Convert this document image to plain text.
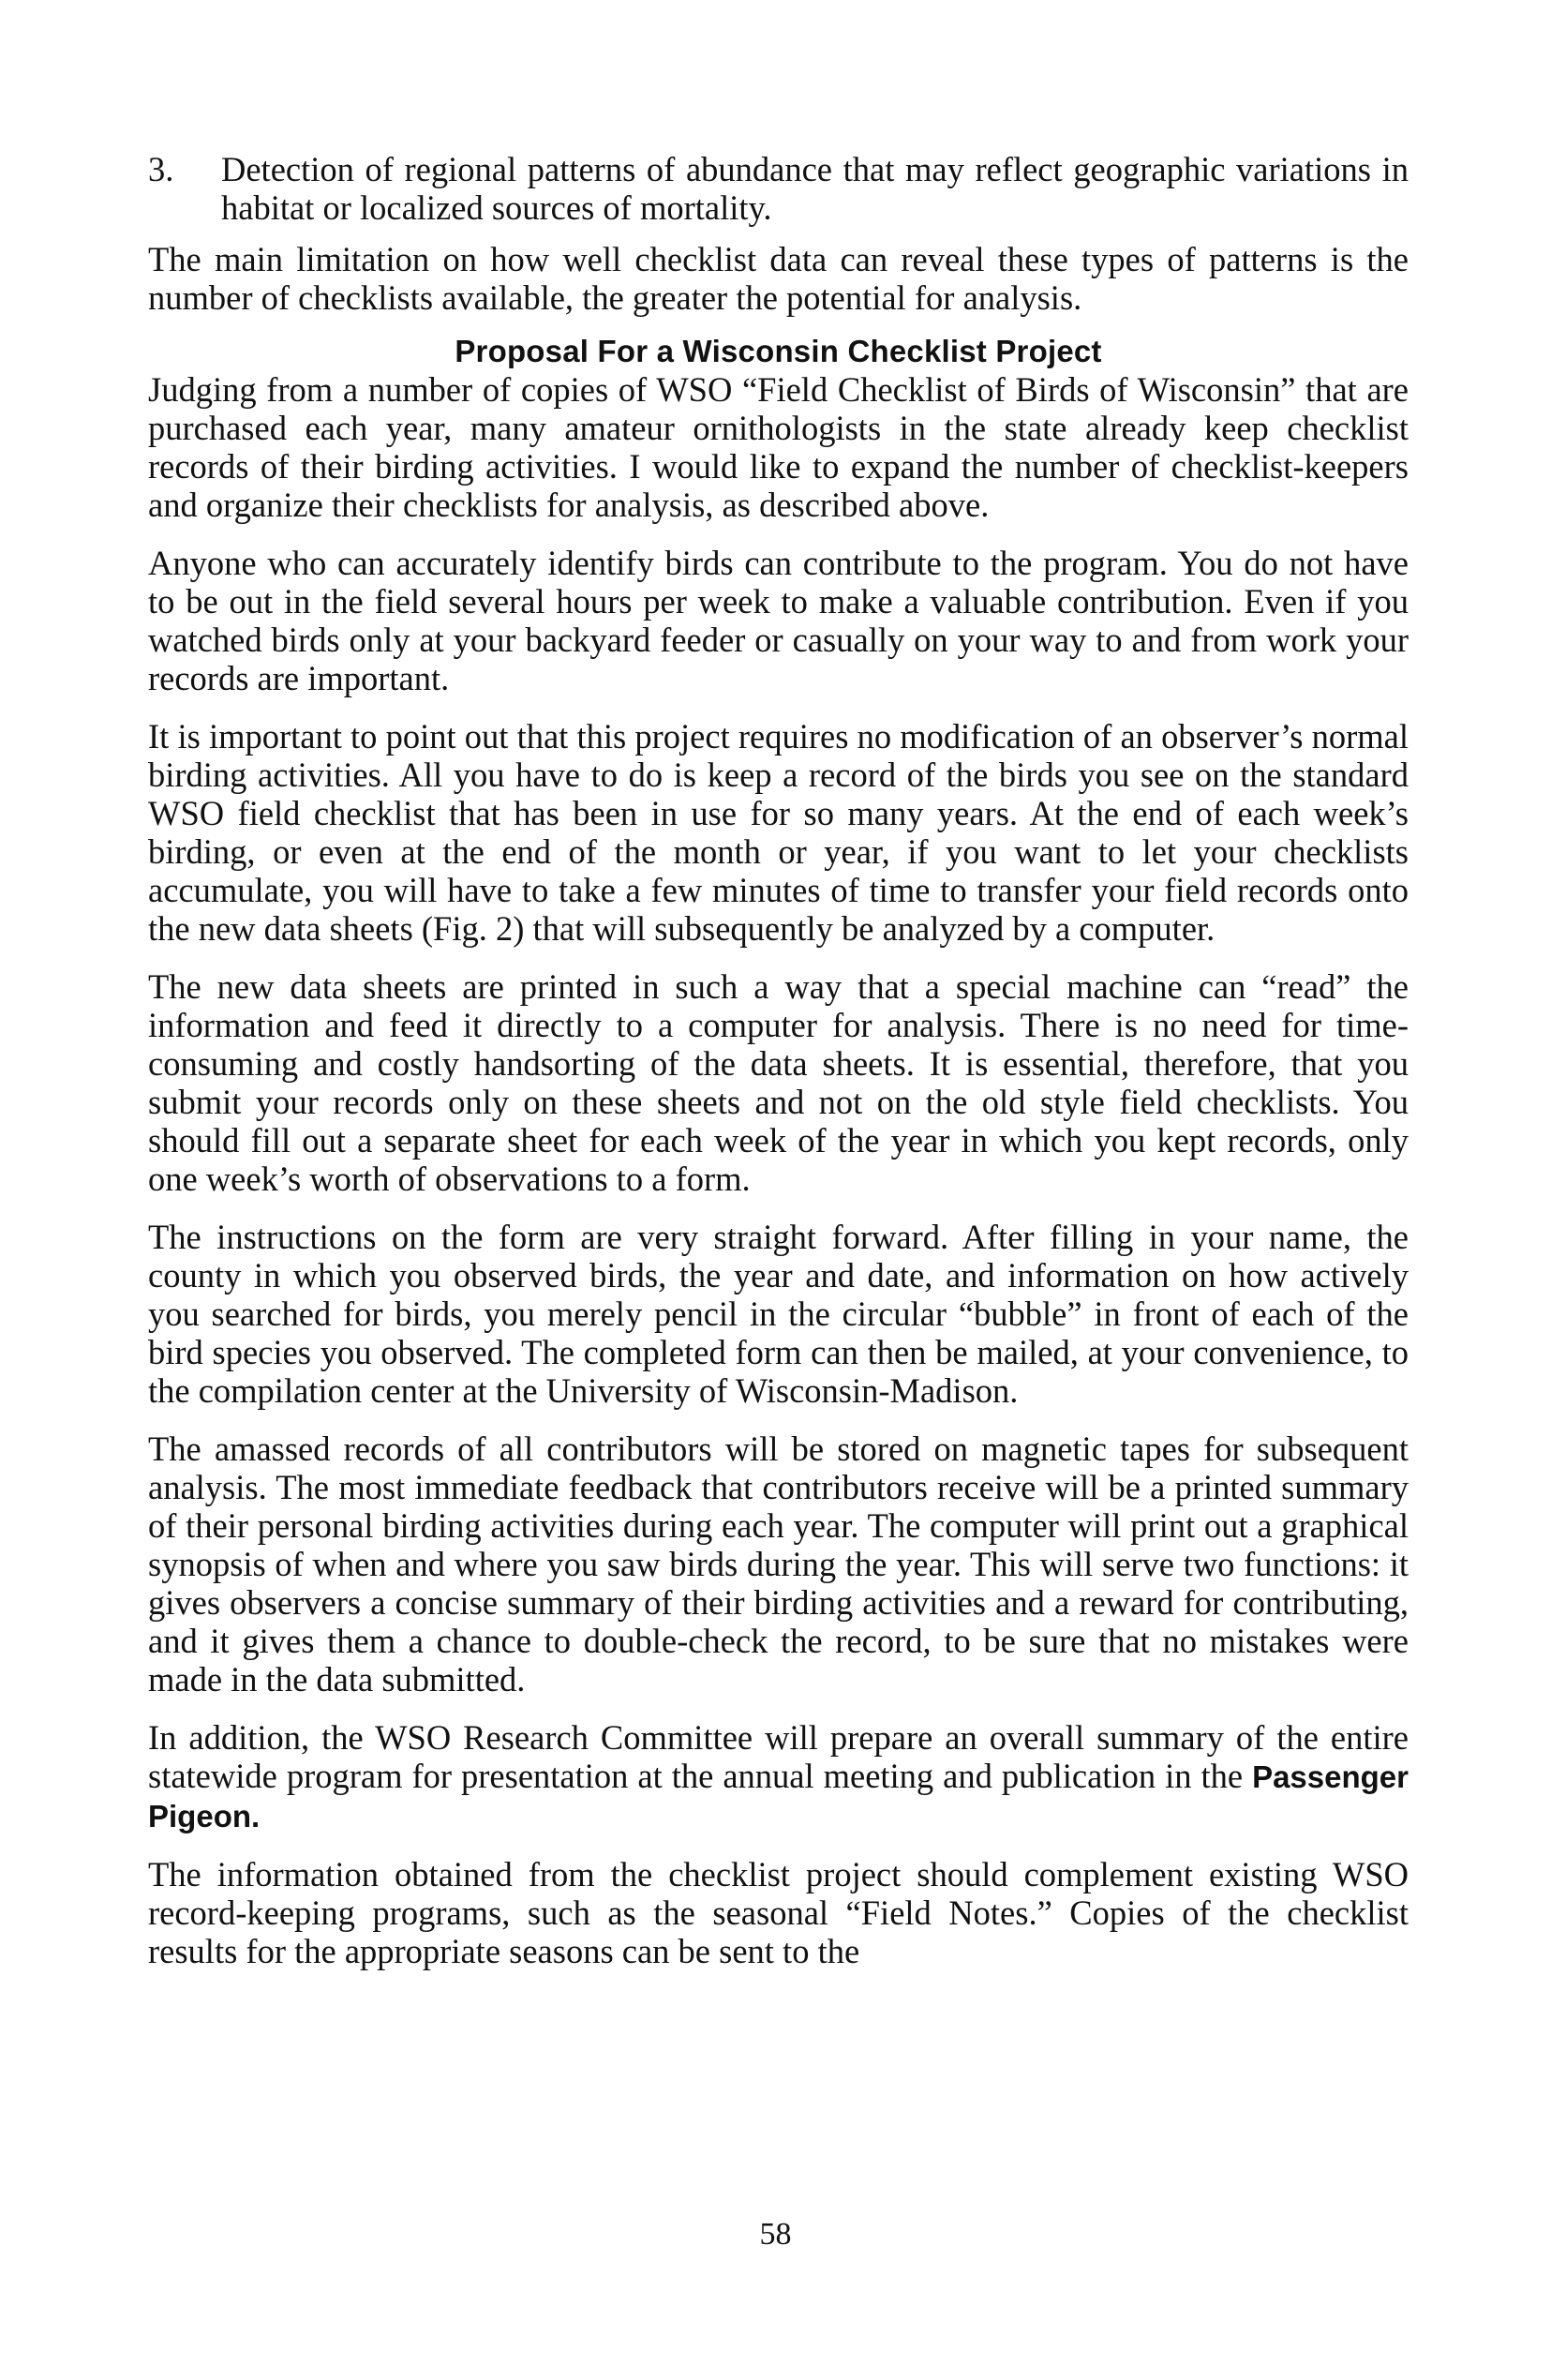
3.	Detection of regional patterns of abundance that may reflect geographic variations in habitat or localized sources of mortality.

The main limitation on how well checklist data can reveal these types of patterns is the number of checklists available, the greater the potential for analysis.

Proposal For a Wisconsin Checklist Project

Judging from a number of copies of WSO “Field Checklist of Birds of Wisconsin” that are purchased each year, many amateur ornithologists in the state already keep checklist records of their birding activities. I would like to expand the number of checklist-keepers and organize their checklists for analysis, as described above.

Anyone who can accurately identify birds can contribute to the program. You do not have to be out in the field several hours per week to make a valuable contribution. Even if you watched birds only at your backyard feeder or casually on your way to and from work your records are important.

It is important to point out that this project requires no modification of an observer’s normal birding activities. All you have to do is keep a record of the birds you see on the standard WSO field checklist that has been in use for so many years. At the end of each week’s birding, or even at the end of the month or year, if you want to let your checklists accumulate, you will have to take a few minutes of time to transfer your field records onto the new data sheets (Fig. 2) that will subsequently be analyzed by a computer.

The new data sheets are printed in such a way that a special machine can “read” the information and feed it directly to a computer for analysis. There is no need for time-consuming and costly handsorting of the data sheets. It is essential, therefore, that you submit your records only on these sheets and not on the old style field checklists. You should fill out a separate sheet for each week of the year in which you kept records, only one week’s worth of observations to a form.

The instructions on the form are very straight forward. After filling in your name, the county in which you observed birds, the year and date, and information on how actively you searched for birds, you merely pencil in the circular “bubble” in front of each of the bird species you observed. The completed form can then be mailed, at your convenience, to the compilation center at the University of Wisconsin-Madison.

The amassed records of all contributors will be stored on magnetic tapes for subsequent analysis. The most immediate feedback that contributors receive will be a printed summary of their personal birding activities during each year. The computer will print out a graphical synopsis of when and where you saw birds during the year. This will serve two functions: it gives observers a concise summary of their birding activities and a reward for contributing, and it gives them a chance to double-check the record, to be sure that no mistakes were made in the data submitted.

In addition, the WSO Research Committee will prepare an overall summary of the entire statewide program for presentation at the annual meeting and publication in the Passenger Pigeon.

The information obtained from the checklist project should complement existing WSO record-keeping programs, such as the seasonal “Field Notes.” Copies of the checklist results for the appropriate seasons can be sent to the

58
